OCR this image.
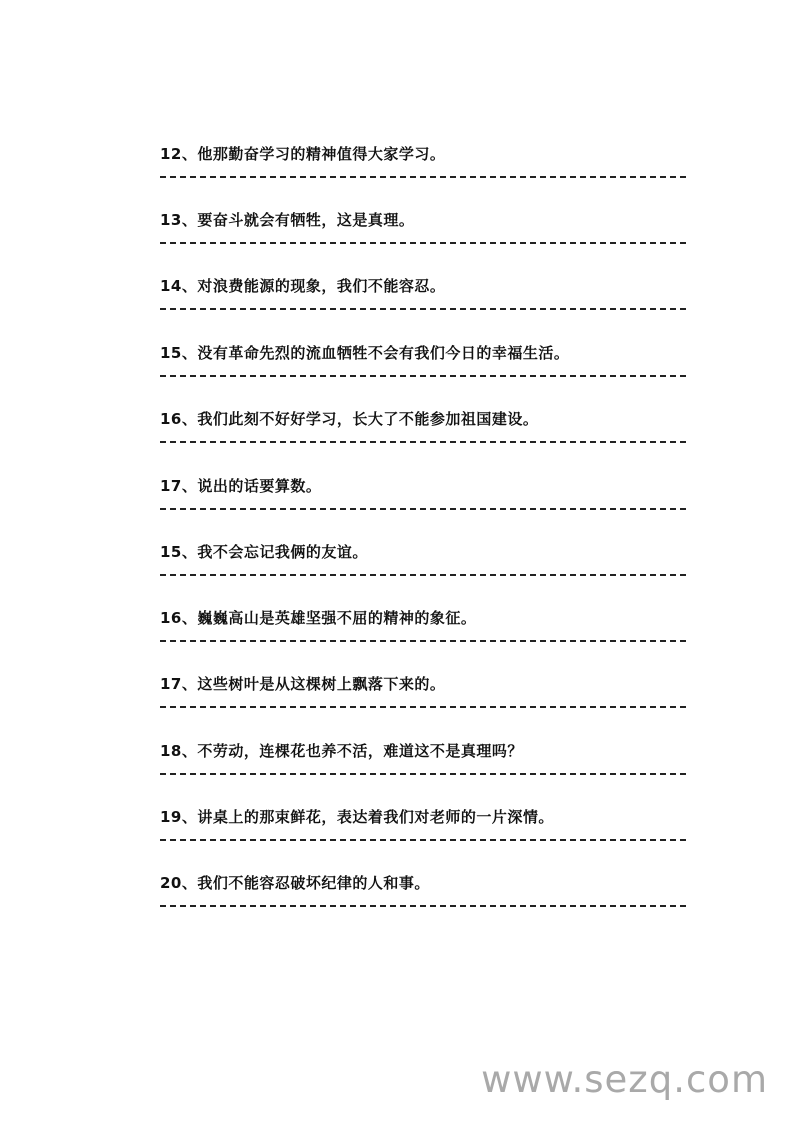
12、他那勤奋学习的精神值得大家学习。
13、要奋斗就会有牺牲，这是真理。
14、对浪费能源的现象，我们不能容忍。
15、没有革命先烈的流血牺牲不会有我们今日的幸福生活。
16、我们此刻不好好学习，长大了不能参加祖国建设。
17、说出的话要算数。
15、我不会忘记我俩的友谊。
16、巍巍高山是英雄坚强不屈的精神的象征。
17、这些树叶是从这棵树上飘落下来的。
18、不劳动，连棵花也养不活，难道这不是真理吗？
19、讲桌上的那束鲜花，表达着我们对老师的一片深情。
20、我们不能容忍破坏纪律的人和事。
www.sezq.com
